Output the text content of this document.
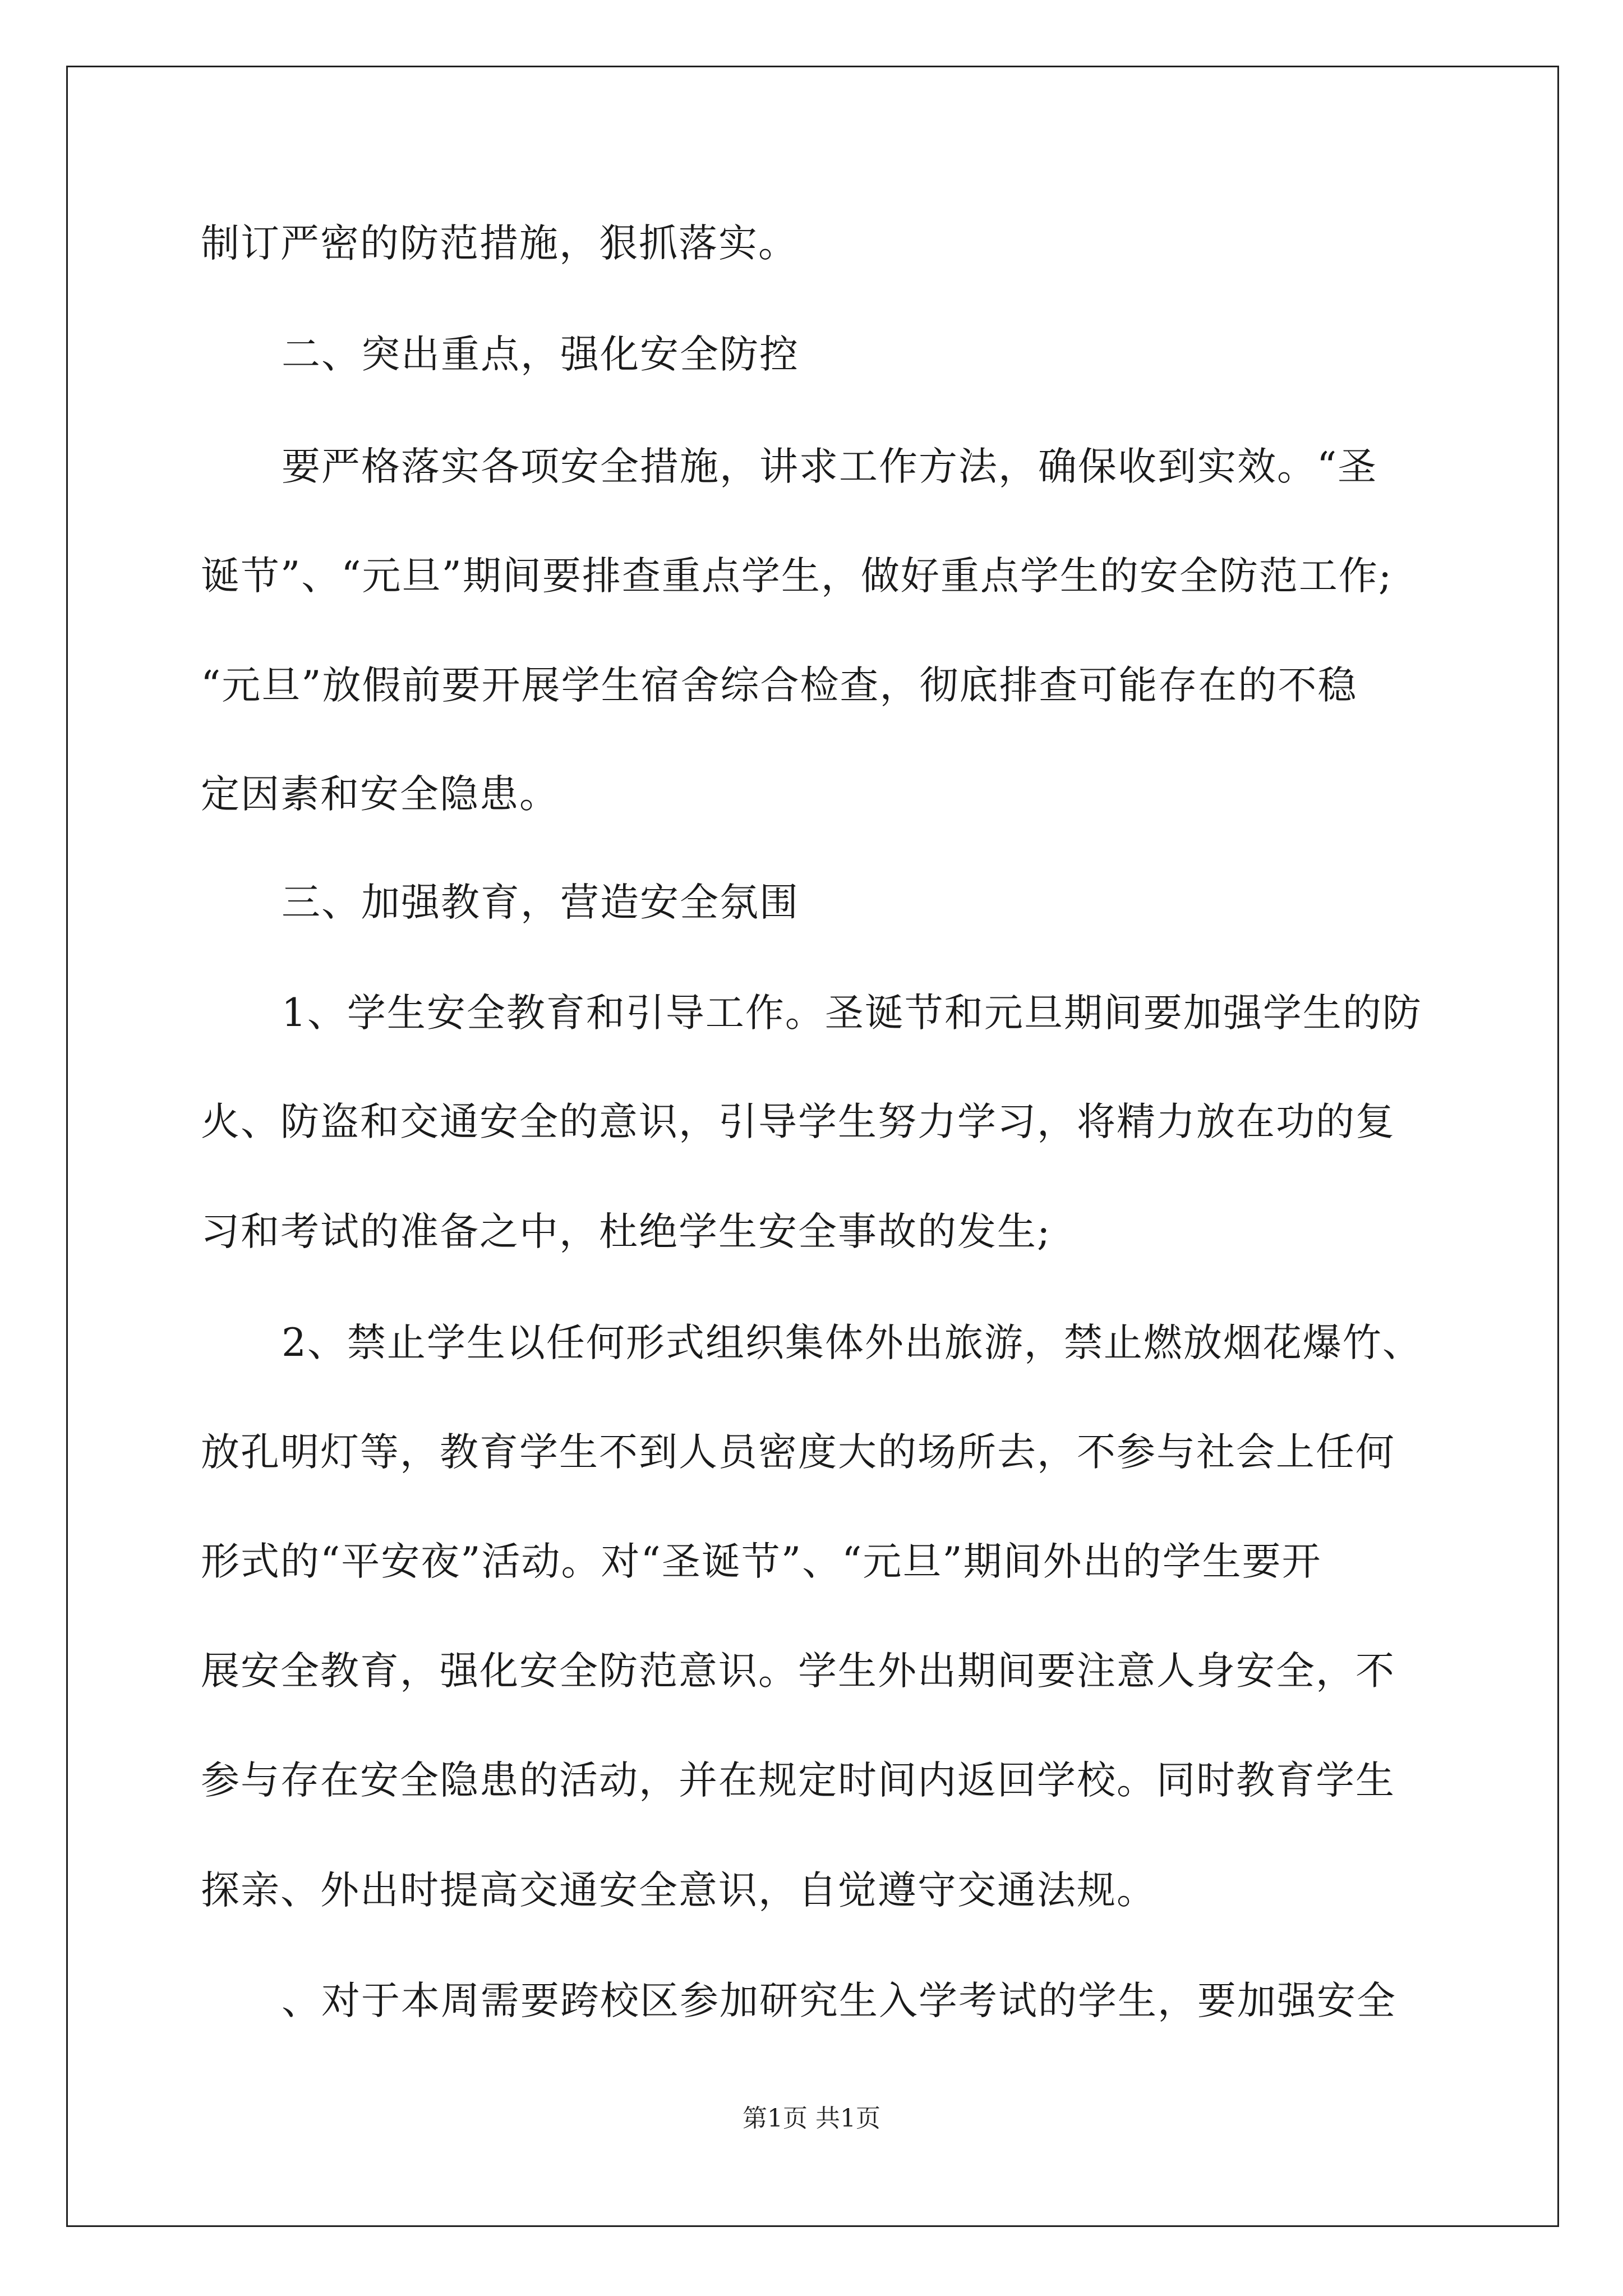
制订严密的防范措施，狠抓落实。
二、突出重点，强化安全防控
要严格落实各项安全措施，讲求工作方法，确保收到实效。“圣
诞节”、“元旦”期间要排查重点学生，做好重点学生的安全防范工作;
“元旦”放假前要开展学生宿舍综合检查，彻底排查可能存在的不稳
定因素和安全隐患。
三、加强教育，营造安全氛围
1、学生安全教育和引导工作。圣诞节和元旦期间要加强学生的防
火、防盗和交通安全的意识，引导学生努力学习，将精力放在功的复
习和考试的准备之中，杜绝学生安全事故的发生;
2、禁止学生以任何形式组织集体外出旅游，禁止燃放烟花爆竹、
放孔明灯等，教育学生不到人员密度大的场所去，不参与社会上任何
形式的“平安夜”活动。对“圣诞节”、“元旦”期间外出的学生要开
展安全教育，强化安全防范意识。学生外出期间要注意人身安全，不
参与存在安全隐患的活动，并在规定时间内返回学校。同时教育学生
探亲、外出时提高交通安全意识，自觉遵守交通法规。
、对于本周需要跨校区参加研究生入学考试的学生，要加强安全
第1页 共1页
